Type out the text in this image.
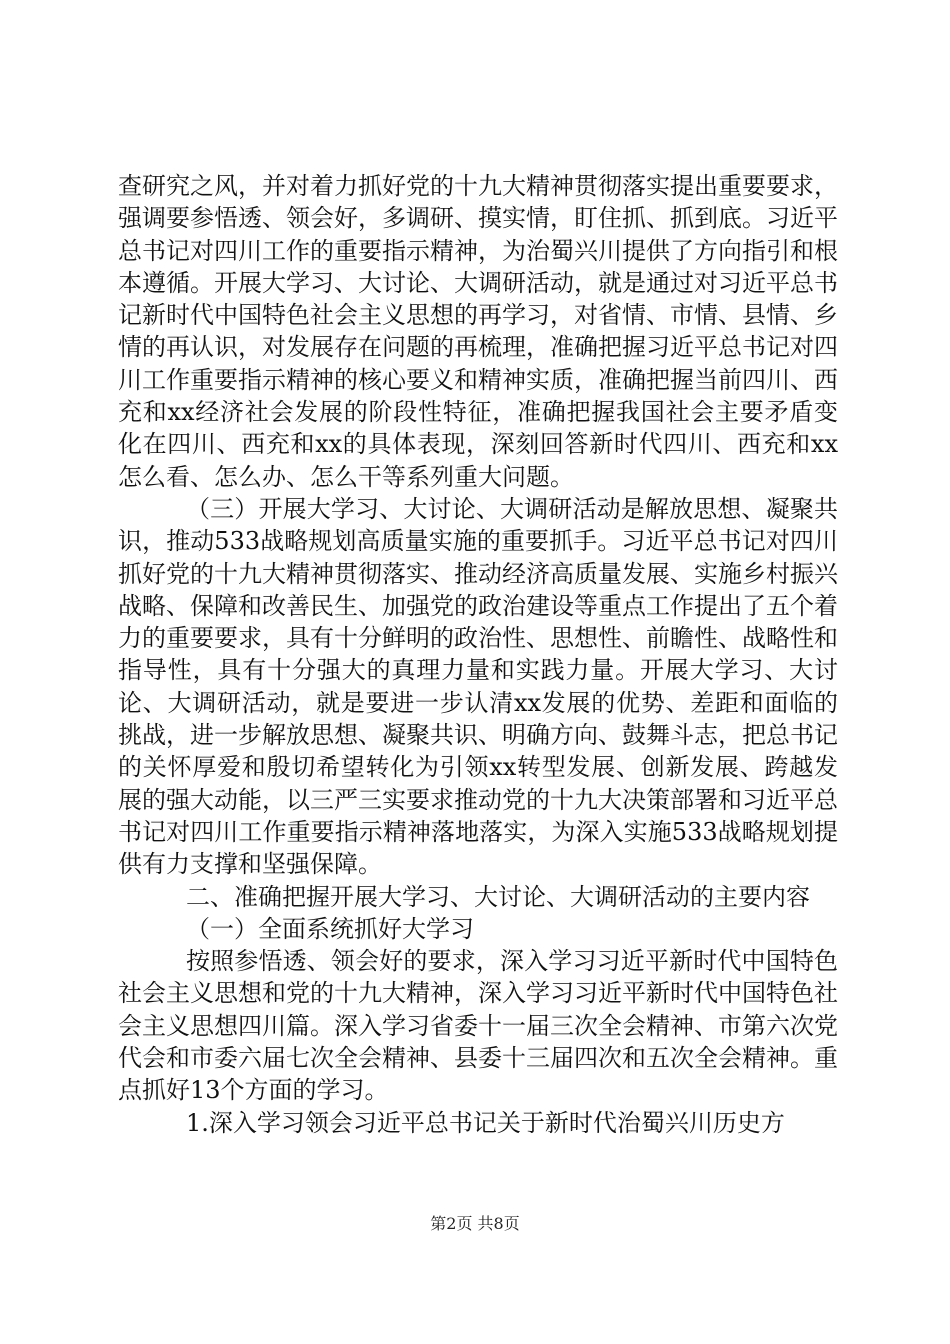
查研究之风，并对着力抓好党的十九大精神贯彻落实提出重要要求，强调要参悟透、领会好，多调研、摸实情，盯住抓、抓到底。习近平总书记对四川工作的重要指示精神，为治蜀兴川提供了方向指引和根本遵循。开展大学习、大讨论、大调研活动，就是通过对习近平总书记新时代中国特色社会主义思想的再学习，对省情、市情、县情、乡情的再认识，对发展存在问题的再梳理，准确把握习近平总书记对四川工作重要指示精神的核心要义和精神实质，准确把握当前四川、西充和xx经济社会发展的阶段性特征，准确把握我国社会主要矛盾变化在四川、西充和xx的具体表现，深刻回答新时代四川、西充和xx怎么看、怎么办、怎么干等系列重大问题。

（三）开展大学习、大讨论、大调研活动是解放思想、凝聚共识，推动533战略规划高质量实施的重要抓手。习近平总书记对四川抓好党的十九大精神贯彻落实、推动经济高质量发展、实施乡村振兴战略、保障和改善民生、加强党的政治建设等重点工作提出了五个着力的重要要求，具有十分鲜明的政治性、思想性、前瞻性、战略性和指导性，具有十分强大的真理力量和实践力量。开展大学习、大讨论、大调研活动，就是要进一步认清xx发展的优势、差距和面临的挑战，进一步解放思想、凝聚共识、明确方向、鼓舞斗志，把总书记的关怀厚爱和殷切希望转化为引领xx转型发展、创新发展、跨越发展的强大动能，以三严三实要求推动党的十九大决策部署和习近平总书记对四川工作重要指示精神落地落实，为深入实施533战略规划提供有力支撑和坚强保障。

二、准确把握开展大学习、大讨论、大调研活动的主要内容

（一）全面系统抓好大学习

按照参悟透、领会好的要求，深入学习习近平新时代中国特色社会主义思想和党的十九大精神，深入学习习近平新时代中国特色社会主义思想四川篇。深入学习省委十一届三次全会精神、市第六次党代会和市委六届七次全会精神、县委十三届四次和五次全会精神。重点抓好13个方面的学习。

1.深入学习领会习近平总书记关于新时代治蜀兴川历史方

第2页 共8页
